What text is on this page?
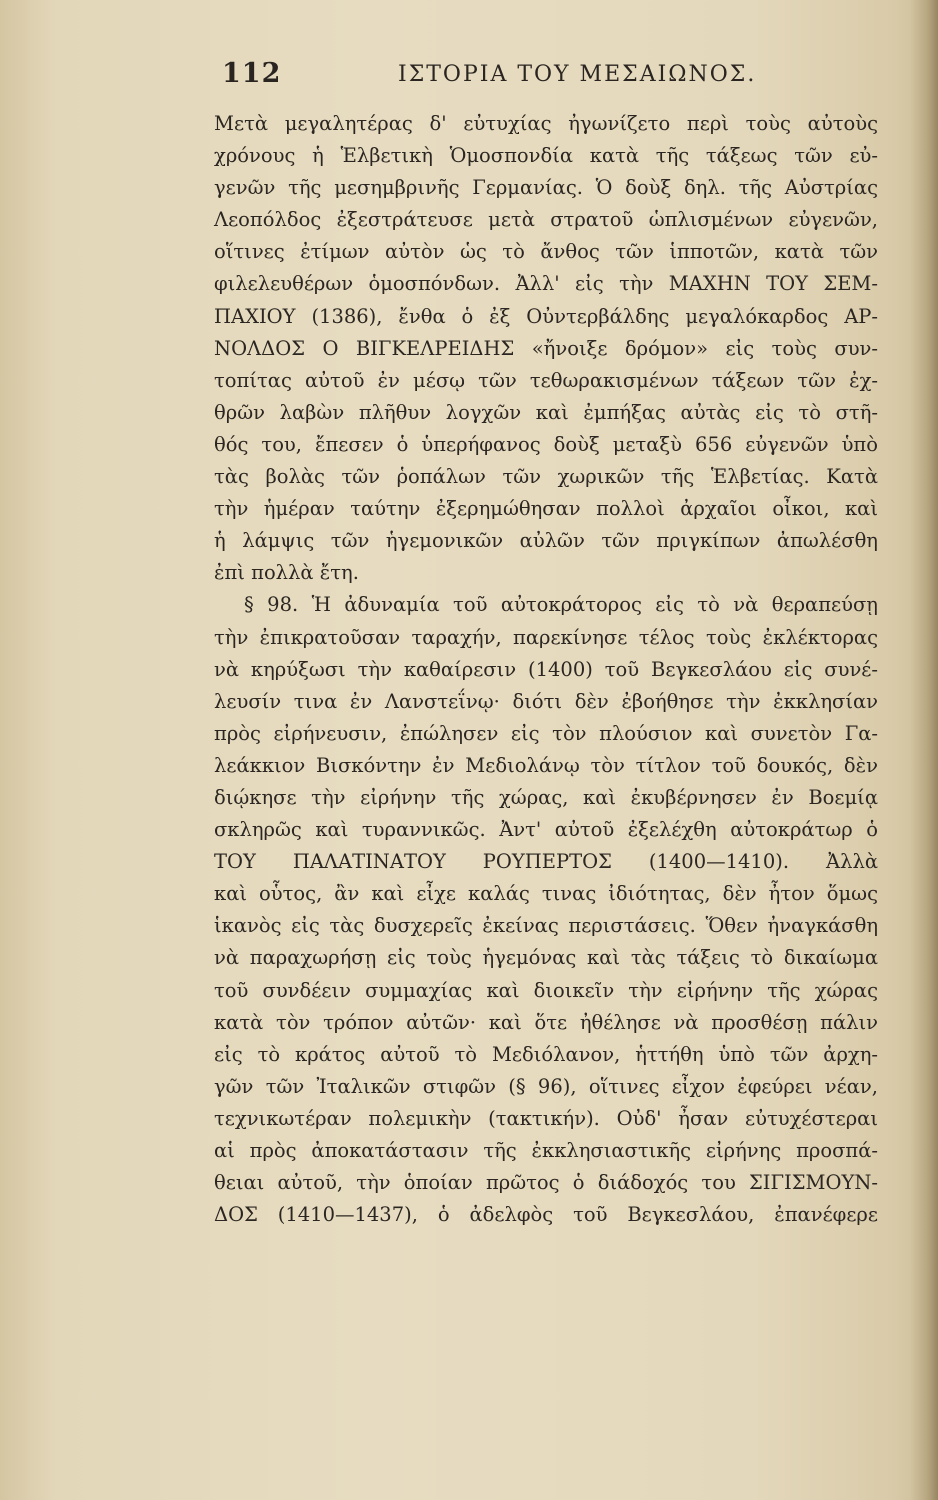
112	ΙΣΤΟΡΙΑ ΤΟΥ ΜΕΣΑΙΩΝΟΣ.
Μετὰ μεγαλητέρας δ' εὐτυχίας ἠγωνίζετο περὶ τοὺς αὐτοὺς
χρόνους ἡ Ἑλβετικὴ Ὁμοσπονδία κατὰ τῆς τάξεως τῶν εὐ-
γενῶν τῆς μεσημβρινῆς Γερμανίας. Ὁ δοὺξ δηλ. τῆς Αὐστρίας
Λεοπόλδος ἐξεστράτευσε μετὰ στρατοῦ ὡπλισμένων εὐγενῶν,
οἵτινες ἐτίμων αὐτὸν ὡς τὸ ἄνθος τῶν ἱπποτῶν, κατὰ τῶν
φιλελευθέρων ὁμοσπόνδων. Ἀλλ' εἰς τὴν ΜΑΧΗΝ ΤΟΥ ΣΕΜ-
ΠΑΧΙΟΥ (1386), ἔνθα ὁ ἐξ Οὐντερβάλδης μεγαλόκαρδος ΑΡ-
ΝΟΛΔΟΣ Ο ΒΙΓΚΕΛΡΕΙΔΗΣ «ἤνοιξε δρόμον» εἰς τοὺς συν-
τοπίτας αὐτοῦ ἐν μέσῳ τῶν τεθωρακισμένων τάξεων τῶν ἐχ-
θρῶν λαβὼν πλῆθυν λογχῶν καὶ ἐμπήξας αὐτὰς εἰς τὸ στῆ-
θός του, ἔπεσεν ὁ ὑπερήφανος δοὺξ μεταξὺ 656 εὐγενῶν ὑπὸ
τὰς βολὰς τῶν ῥοπάλων τῶν χωρικῶν τῆς Ἑλβετίας. Κατὰ
τὴν ἡμέραν ταύτην ἐξερημώθησαν πολλοὶ ἀρχαῖοι οἶκοι, καὶ
ἡ λάμψις τῶν ἡγεμονικῶν αὐλῶν τῶν πριγκίπων ἀπωλέσθη
ἐπὶ πολλὰ ἔτη.
§ 98. Ἡ ἀδυναμία τοῦ αὐτοκράτορος εἰς τὸ νὰ θεραπεύσῃ
τὴν ἐπικρατοῦσαν ταραχήν, παρεκίνησε τέλος τοὺς ἐκλέκτορας
νὰ κηρύξωσι τὴν καθαίρεσιν (1400) τοῦ Βεγκεσλάου εἰς συνέ-
λευσίν τινα ἐν Λανστεΐνῳ· διότι δὲν ἐβοήθησε τὴν ἐκκλησίαν
πρὸς εἰρήνευσιν, ἐπώλησεν εἰς τὸν πλούσιον καὶ συνετὸν Γα-
λεάκκιον Βισκόντην ἐν Μεδιολάνῳ τὸν τίτλον τοῦ δουκός, δὲν
διῴκησε τὴν εἰρήνην τῆς χώρας, καὶ ἐκυβέρνησεν ἐν Βοεμίᾳ
σκληρῶς καὶ τυραννικῶς. Ἀντ' αὐτοῦ ἐξελέχθη αὐτοκράτωρ ὁ
ΤΟΥ ΠΑΛΑΤΙΝΑΤΟΥ ΡΟΥΠΕΡΤΟΣ (1400—1410). Ἀλλὰ
καὶ οὗτος, ἂν καὶ εἶχε καλάς τινας ἰδιότητας, δὲν ἦτον ὅμως
ἱκανὸς εἰς τὰς δυσχερεῖς ἐκείνας περιστάσεις. Ὅθεν ἠναγκάσθη
νὰ παραχωρήσῃ εἰς τοὺς ἡγεμόνας καὶ τὰς τάξεις τὸ δικαίωμα
τοῦ συνδέειν συμμαχίας καὶ διοικεῖν τὴν εἰρήνην τῆς χώρας
κατὰ τὸν τρόπον αὐτῶν· καὶ ὅτε ἠθέλησε νὰ προσθέσῃ πάλιν
εἰς τὸ κράτος αὐτοῦ τὸ Μεδιόλανον, ἡττήθη ὑπὸ τῶν ἀρχη-
γῶν τῶν Ἰταλικῶν στιφῶν (§ 96), οἵτινες εἶχον ἐφεύρει νέαν,
τεχνικωτέραν πολεμικὴν (τακτικήν). Οὐδ' ἦσαν εὐτυχέστεραι
αἱ πρὸς ἀποκατάστασιν τῆς ἐκκλησιαστικῆς εἰρήνης προσπά-
θειαι αὐτοῦ, τὴν ὁποίαν πρῶτος ὁ διάδοχός του ΣΙΓΙΣΜΟΥΝ-
ΔΟΣ (1410—1437), ὁ ἀδελφὸς τοῦ Βεγκεσλάου, ἐπανέφερε
